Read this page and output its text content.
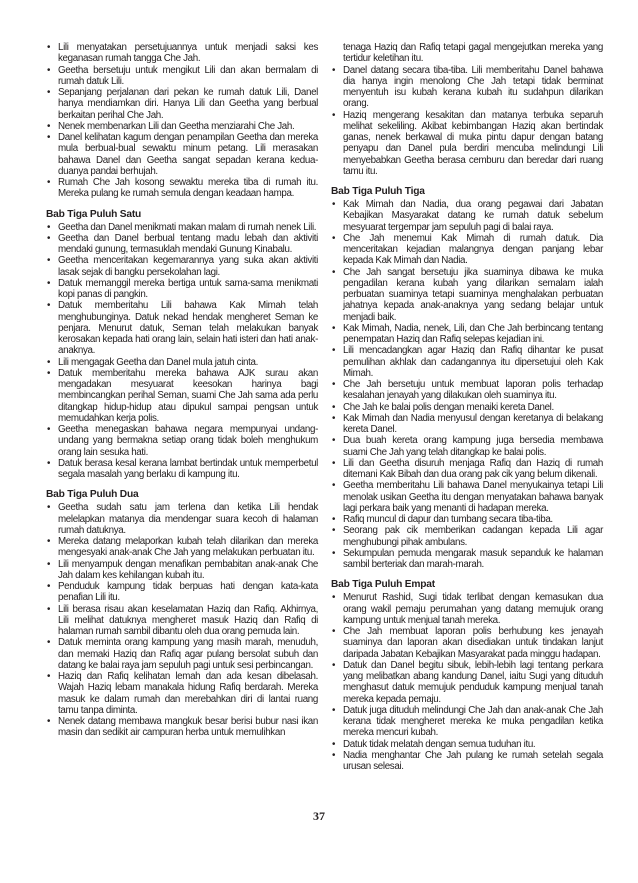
• Lili menyatakan persetujuannya untuk menjadi saksi kes keganasan rumah tangga Che Jah.
• Geetha bersetuju untuk mengikut Lili dan akan bermalam di rumah datuk Lili.
• Sepanjang perjalanan dari pekan ke rumah datuk Lili, Danel hanya mendiamkan diri. Hanya Lili dan Geetha yang berbual berkaitan perihal Che Jah.
• Nenek membenarkan Lili dan Geetha menziarahi Che Jah.
• Danel kelihatan kagum dengan penampilan Geetha dan mereka mula berbual-bual sewaktu minum petang. Lili merasakan bahawa Danel dan Geetha sangat sepadan kerana kedua-duanya pandai berhujah.
• Rumah Che Jah kosong sewaktu mereka tiba di rumah itu. Mereka pulang ke rumah semula dengan keadaan hampa.
Bab Tiga Puluh Satu
• Geetha dan Danel menikmati makan malam di rumah nenek Lili.
• Geetha dan Danel berbual tentang madu lebah dan aktiviti mendaki gunung, termasuklah mendaki Gunung Kinabalu.
• Geetha menceritakan kegemarannya yang suka akan aktiviti lasak sejak di bangku persekolahan lagi.
• Datuk memanggil mereka bertiga untuk sama-sama menikmati kopi panas di pangkin.
• Datuk memberitahu Lili bahawa Kak Mimah telah menghubunginya. Datuk nekad hendak mengheret Seman ke penjara. Menurut datuk, Seman telah melakukan banyak kerosakan kepada hati orang lain, selain hati isteri dan hati anak-anaknya.
• Lili mengagak Geetha dan Danel mula jatuh cinta.
• Datuk memberitahu mereka bahawa AJK surau akan mengadakan mesyuarat keesokan harinya bagi membincangkan perihal Seman, suami Che Jah sama ada perlu ditangkap hidup-hidup atau dipukul sampai pengsan untuk memudahkan kerja polis.
• Geetha menegaskan bahawa negara mempunyai undang-undang yang bermakna setiap orang tidak boleh menghukum orang lain sesuka hati.
• Datuk berasa kesal kerana lambat bertindak untuk memperbetul segala masalah yang berlaku di kampung itu.
Bab Tiga Puluh Dua
• Geetha sudah satu jam terlena dan ketika Lili hendak melelapkan matanya dia mendengar suara kecoh di halaman rumah datuknya.
• Mereka datang melaporkan kubah telah dilarikan dan mereka mengesyaki anak-anak Che Jah yang melakukan perbuatan itu.
• Lili menyampuk dengan menafikan pembabitan anak-anak Che Jah dalam kes kehilangan kubah itu.
• Penduduk kampung tidak berpuas hati dengan kata-kata penafian Lili itu.
• Lili berasa risau akan keselamatan Haziq dan Rafiq. Akhirnya, Lili melihat datuknya mengheret masuk Haziq dan Rafiq di halaman rumah sambil dibantu oleh dua orang pemuda lain.
• Datuk meminta orang kampung yang masih marah, menuduh, dan memaki Haziq dan Rafiq agar pulang bersolat subuh dan datang ke balai raya jam sepuluh pagi untuk sesi perbincangan.
• Haziq dan Rafiq kelihatan lemah dan ada kesan dibelasah. Wajah Haziq lebam manakala hidung Rafiq berdarah. Mereka masuk ke dalam rumah dan merebahkan diri di lantai ruang tamu tanpa diminta.
• Nenek datang membawa mangkuk besar berisi bubur nasi ikan masin dan sedikit air campuran herba untuk memulihkan
tenaga Haziq dan Rafiq tetapi gagal mengejutkan mereka yang tertidur keletihan itu.
• Danel datang secara tiba-tiba. Lili memberitahu Danel bahawa dia hanya ingin menolong Che Jah tetapi tidak berminat menyentuh isu kubah kerana kubah itu sudahpun dilarikan orang.
• Haziq mengerang kesakitan dan matanya terbuka separuh melihat sekeliling. Akibat kebimbangan Haziq akan bertindak ganas, nenek berkawal di muka pintu dapur dengan batang penyapu dan Danel pula berdiri mencuba melindungi Lili menyebabkan Geetha berasa cemburu dan beredar dari ruang tamu itu.
Bab Tiga Puluh Tiga
• Kak Mimah dan Nadia, dua orang pegawai dari Jabatan Kebajikan Masyarakat datang ke rumah datuk sebelum mesyuarat tergempar jam sepuluh pagi di balai raya.
• Che Jah menemui Kak Mimah di rumah datuk. Dia menceritakan kejadian malangnya dengan panjang lebar kepada Kak Mimah dan Nadia.
• Che Jah sangat bersetuju jika suaminya dibawa ke muka pengadilan kerana kubah yang dilarikan semalam ialah perbuatan suaminya tetapi suaminya menghalakan perbuatan jahatnya kepada anak-anaknya yang sedang belajar untuk menjadi baik.
• Kak Mimah, Nadia, nenek, Lili, dan Che Jah berbincang tentang penempatan Haziq dan Rafiq selepas kejadian ini.
• Lili mencadangkan agar Haziq dan Rafiq dihantar ke pusat pemulihan akhlak dan cadangannya itu dipersetujui oleh Kak Mimah.
• Che Jah bersetuju untuk membuat laporan polis terhadap kesalahan jenayah yang dilakukan oleh suaminya itu.
• Che Jah ke balai polis dengan menaiki kereta Danel.
• Kak Mimah dan Nadia menyusul dengan keretanya di belakang kereta Danel.
• Dua buah kereta orang kampung juga bersedia membawa suami Che Jah yang telah ditangkap ke balai polis.
• Lili dan Geetha disuruh menjaga Rafiq dan Haziq di rumah ditemani Kak Bibah dan dua orang pak cik yang belum dikenali.
• Geetha memberitahu Lili bahawa Danel menyukainya tetapi Lili menolak usikan Geetha itu dengan menyatakan bahawa banyak lagi perkara baik yang menanti di hadapan mereka.
• Rafiq muncul di dapur dan tumbang secara tiba-tiba.
• Seorang pak cik memberikan cadangan kepada Lili agar menghubungi pihak ambulans.
• Sekumpulan pemuda mengarak masuk sepanduk ke halaman sambil berteriak dan marah-marah.
Bab Tiga Puluh Empat
• Menurut Rashid, Sugi tidak terlibat dengan kemasukan dua orang wakil pemaju perumahan yang datang memujuk orang kampung untuk menjual tanah mereka.
• Che Jah membuat laporan polis berhubung kes jenayah suaminya dan laporan akan disediakan untuk tindakan lanjut daripada Jabatan Kebajikan Masyarakat pada minggu hadapan.
• Datuk dan Danel begitu sibuk, lebih-lebih lagi tentang perkara yang melibatkan abang kandung Danel, iaitu Sugi yang dituduh menghasut datuk memujuk penduduk kampung menjual tanah mereka kepada pemaju.
• Datuk juga dituduh melindungi Che Jah dan anak-anak Che Jah kerana tidak mengheret mereka ke muka pengadilan ketika mereka mencuri kubah.
• Datuk tidak melatah dengan semua tuduhan itu.
• Nadia menghantar Che Jah pulang ke rumah setelah segala urusan selesai.
37
